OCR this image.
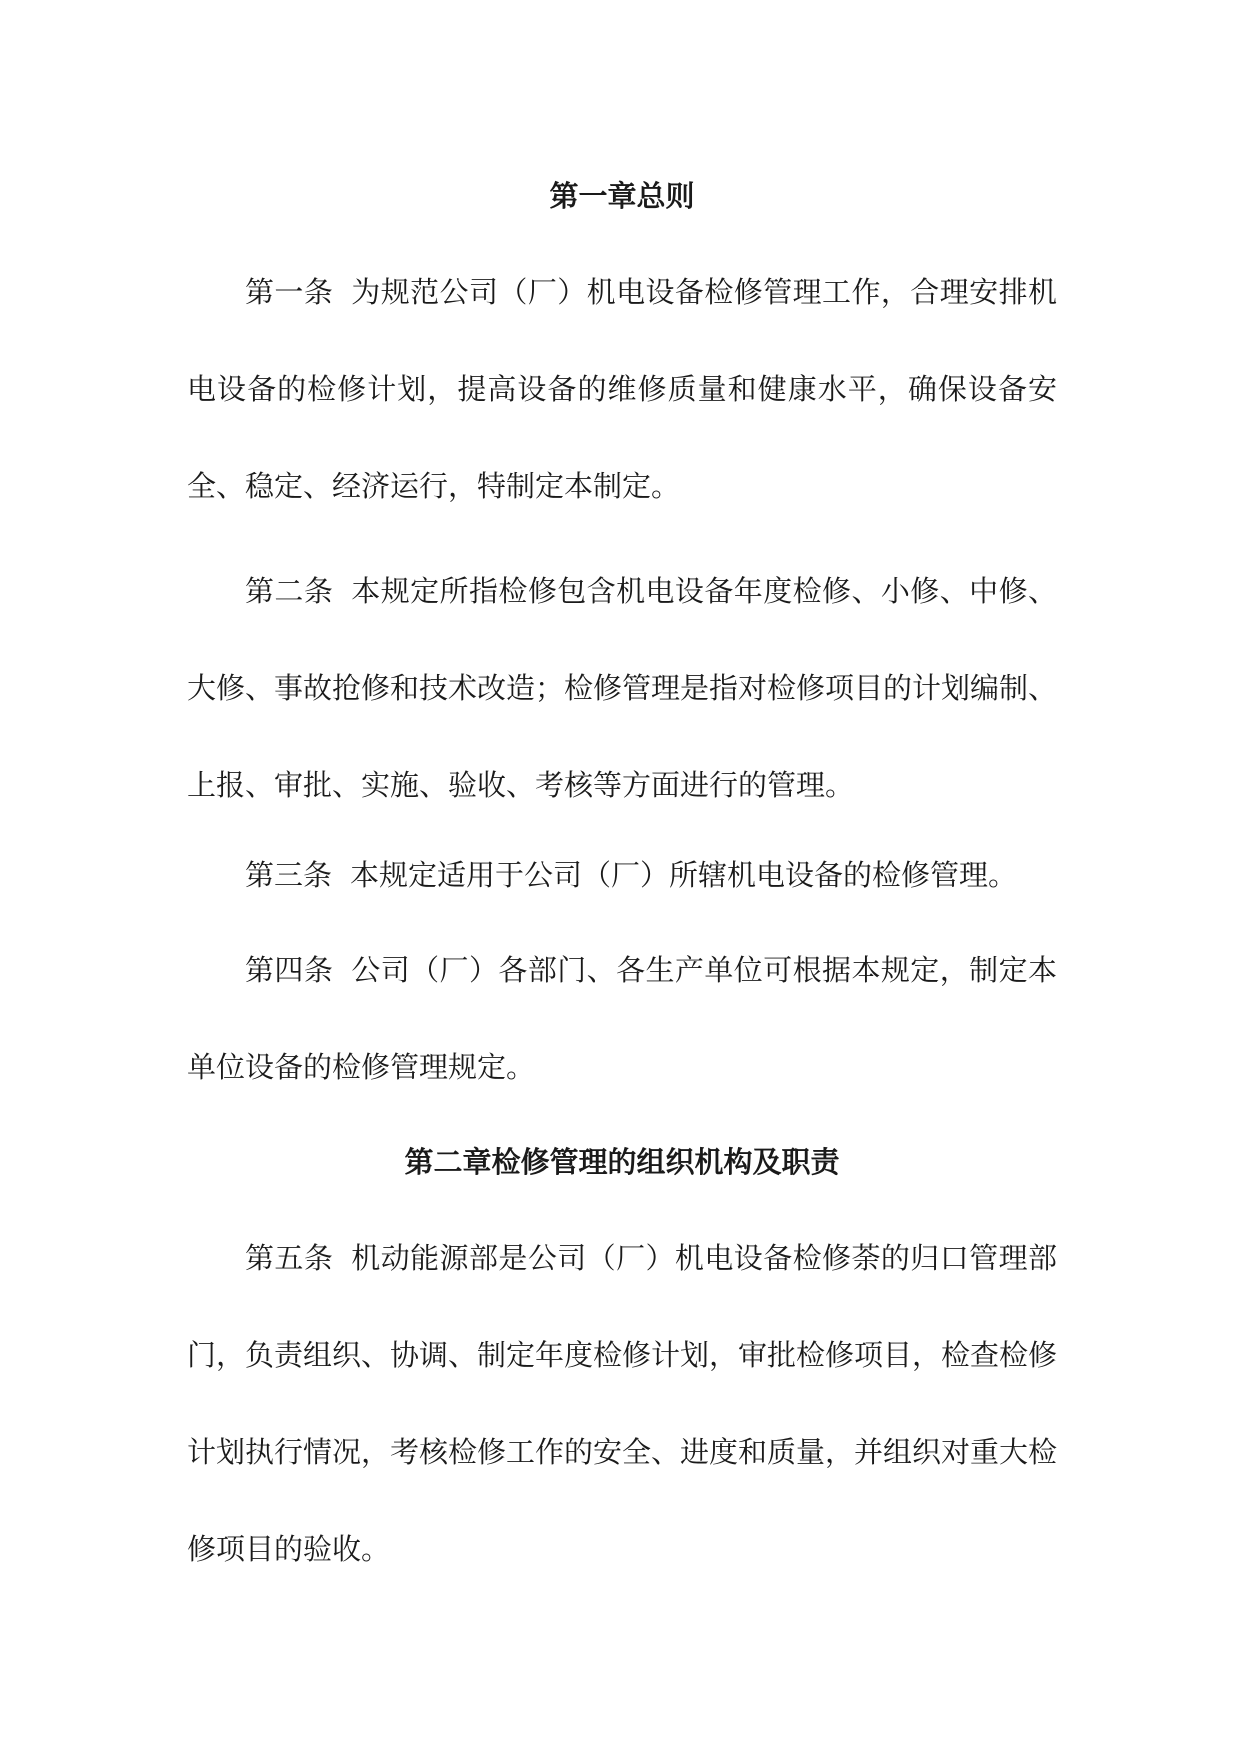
第一章总则

第一条 为规范公司（厂）机电设备检修管理工作，合理安排机电设备的检修计划，提高设备的维修质量和健康水平，确保设备安全、稳定、经济运行，特制定本制定。

第二条 本规定所指检修包含机电设备年度检修、小修、中修、大修、事故抢修和技术改造；检修管理是指对检修项目的计划编制、上报、审批、实施、验收、考核等方面进行的管理。

第三条 本规定适用于公司（厂）所辖机电设备的检修管理。

第四条 公司（厂）各部门、各生产单位可根据本规定，制定本单位设备的检修管理规定。

第二章检修管理的组织机构及职责

第五条 机动能源部是公司（厂）机电设备检修荼的归口管理部门，负责组织、协调、制定年度检修计划，审批检修项目，检查检修计划执行情况，考核检修工作的安全、进度和质量，并组织对重大检修项目的验收。
